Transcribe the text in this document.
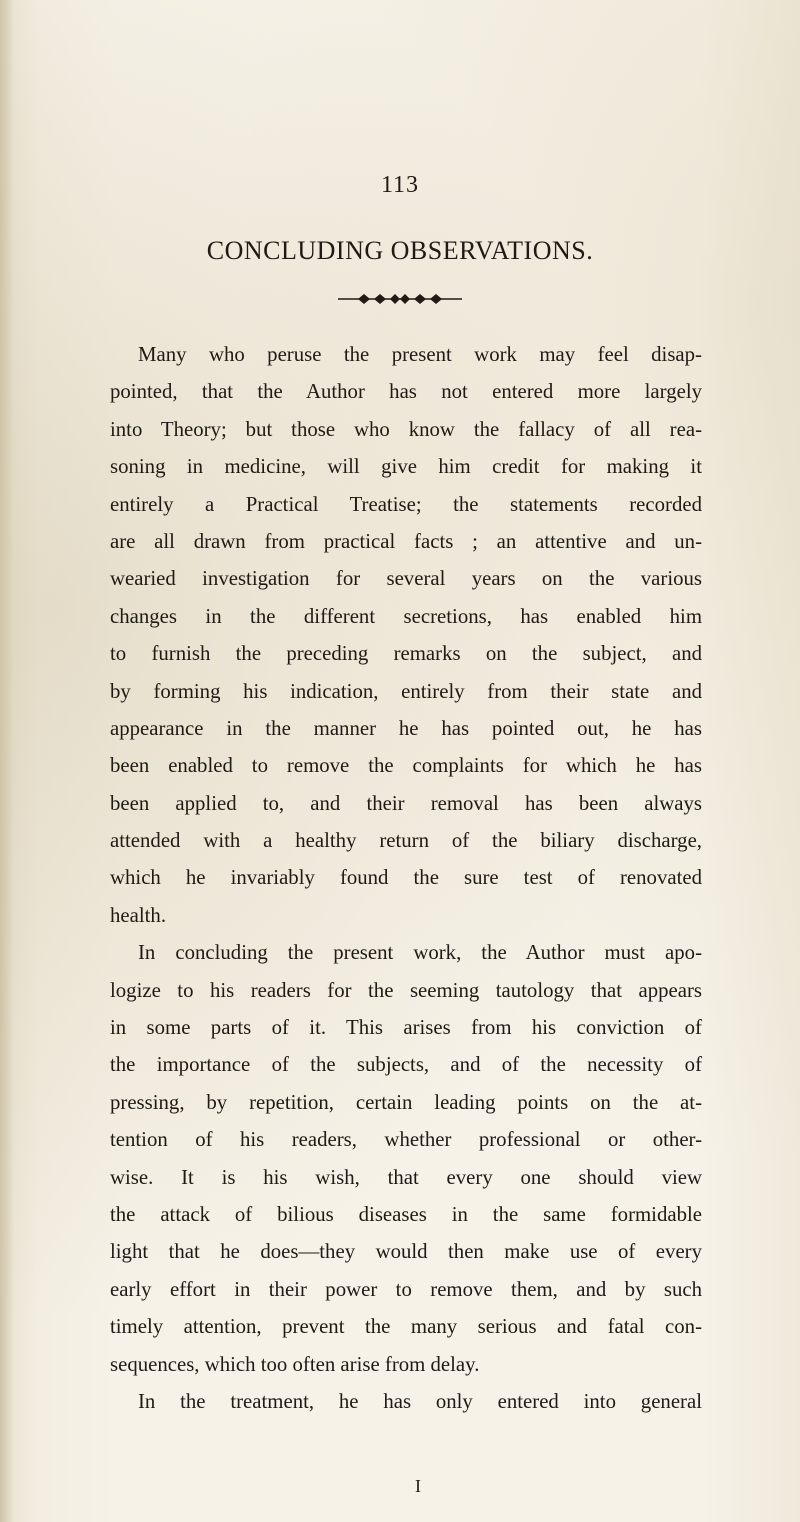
113
CONCLUDING OBSERVATIONS.
Many who peruse the present work may feel disap-
pointed, that the Author has not entered more largely
into Theory; but those who know the fallacy of all rea-
soning in medicine, will give him credit for making it
entirely a Practical Treatise; the statements recorded
are all drawn from practical facts ; an attentive and un-
wearied investigation for several years on the various
changes in the different secretions, has enabled him
to furnish the preceding remarks on the subject, and
by forming his indication, entirely from their state and
appearance in the manner he has pointed out, he has
been enabled to remove the complaints for which he has
been applied to, and their removal has been always
attended with a healthy return of the biliary discharge,
which he invariably found the sure test of renovated
health.
In concluding the present work, the Author must apo-
logize to his readers for the seeming tautology that appears
in some parts of it. This arises from his conviction of
the importance of the subjects, and of the necessity of
pressing, by repetition, certain leading points on the at-
tention of his readers, whether professional or other-
wise. It is his wish, that every one should view
the attack of bilious diseases in the same formidable
light that he does—they would then make use of every
early effort in their power to remove them, and by such
timely attention, prevent the many serious and fatal con-
sequences, which too often arise from delay.
In the treatment, he has only entered into general
I
